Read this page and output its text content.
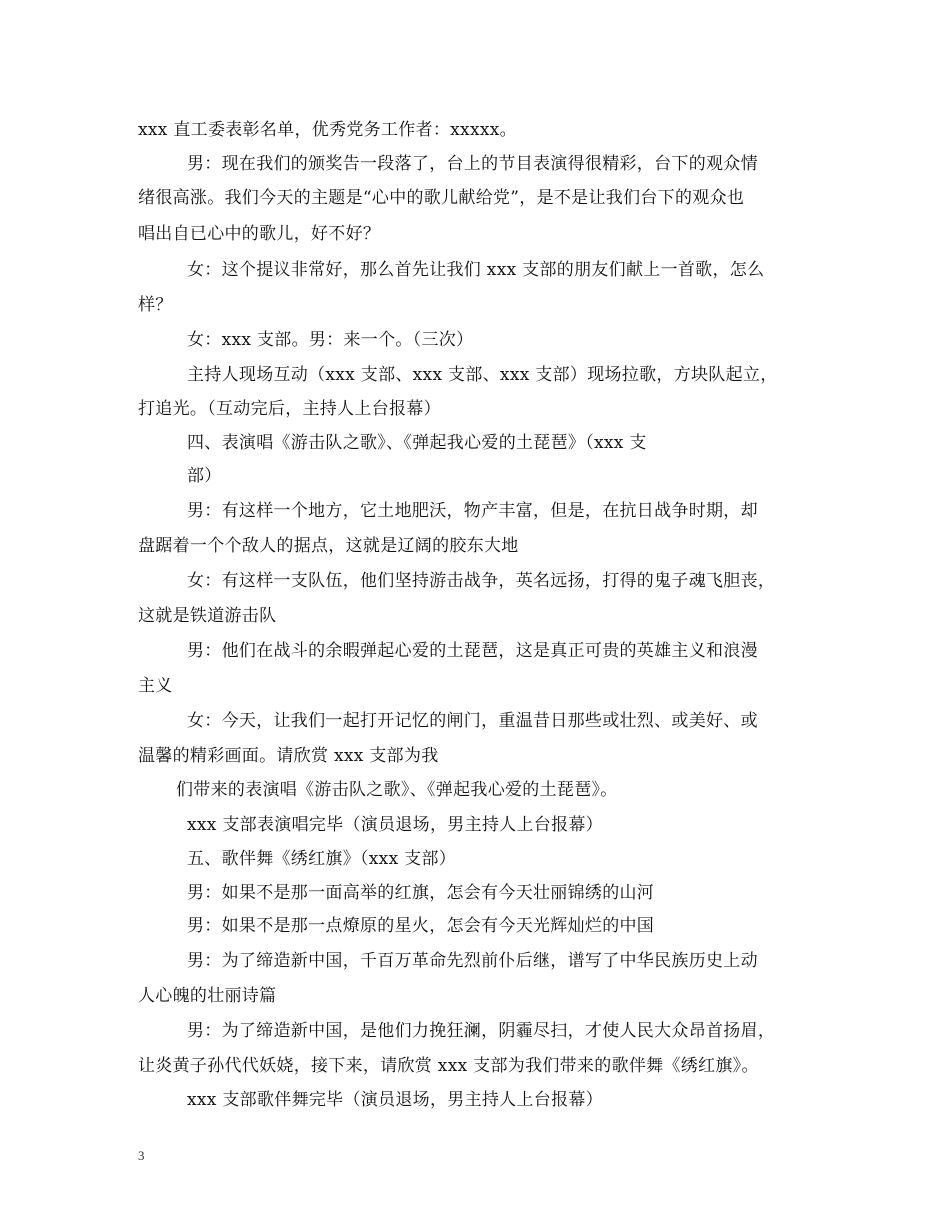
xxx 直工委表彰名单，优秀党务工作者：xxxxx。
男：现在我们的颁奖告一段落了，台上的节目表演得很精彩，台下的观众情
绪很高涨。我们今天的主题是“心中的歌儿献给党”，是不是让我们台下的观众也
唱出自已心中的歌儿，好不好？
女：这个提议非常好，那么首先让我们 xxx 支部的朋友们献上一首歌，怎么
样？
女：xxx 支部。男：来一个。（三次）
主持人现场互动（xxx 支部、xxx 支部、xxx 支部）现场拉歌，方块队起立，
打追光。（互动完后，主持人上台报幕）
四、表演唱《游击队之歌》、《弹起我心爱的土琵琶》（xxx 支
部）
男：有这样一个地方，它土地肥沃，物产丰富，但是，在抗日战争时期，却
盘踞着一个个敌人的据点，这就是辽阔的胶东大地
女：有这样一支队伍，他们坚持游击战争，英名远扬，打得的鬼子魂飞胆丧，
这就是铁道游击队
男：他们在战斗的余暇弹起心爱的土琵琶，这是真正可贵的英雄主义和浪漫
主义
女：今天，让我们一起打开记忆的闸门，重温昔日那些或壮烈、或美好、或
温馨的精彩画面。请欣赏 xxx 支部为我
们带来的表演唱《游击队之歌》、《弹起我心爱的土琵琶》。
xxx 支部表演唱完毕（演员退场，男主持人上台报幕）
五、歌伴舞《绣红旗》（xxx 支部）
男：如果不是那一面高举的红旗，怎会有今天壮丽锦绣的山河
男：如果不是那一点燎原的星火，怎会有今天光辉灿烂的中国
男：为了缔造新中国，千百万革命先烈前仆后继，谱写了中华民族历史上动
人心魄的壮丽诗篇
男：为了缔造新中国，是他们力挽狂澜，阴霾尽扫，才使人民大众昂首扬眉，
让炎黄子孙代代妖娆，接下来，请欣赏 xxx 支部为我们带来的歌伴舞《绣红旗》。
xxx 支部歌伴舞完毕（演员退场，男主持人上台报幕）
3
